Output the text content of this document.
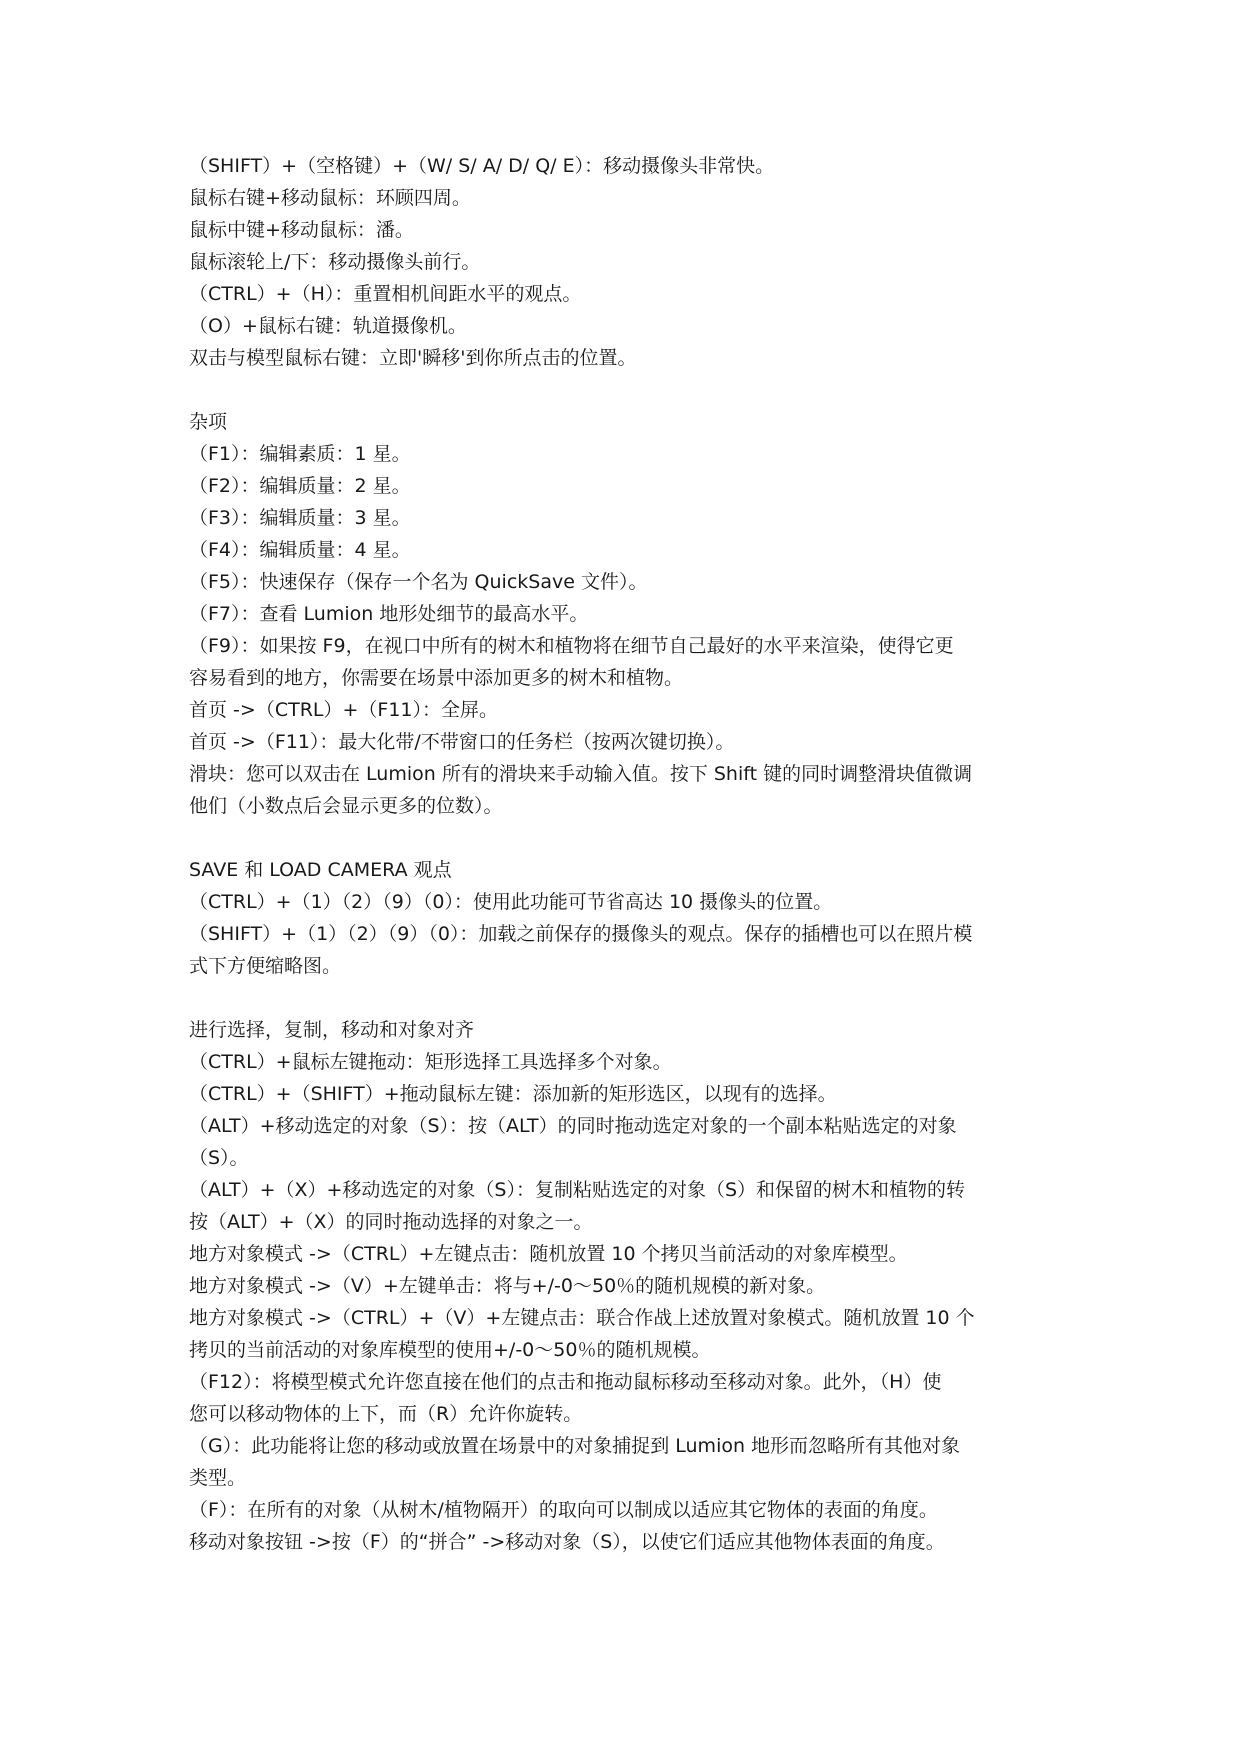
（SHIFT）+（空格键）+（W/ S/ A/ D/ Q/ E）：移动摄像头非常快。
鼠标右键+移动鼠标：环顾四周。
鼠标中键+移动鼠标：潘。
鼠标滚轮上/下：移动摄像头前行。
（CTRL）+（H）：重置相机间距水平的观点。
（O）+鼠标右键：轨道摄像机。
双击与模型鼠标右键：立即'瞬移'到你所点击的位置。
杂项
（F1）：编辑素质：1 星。
（F2）：编辑质量：2 星。
（F3）：编辑质量：3 星。
（F4）：编辑质量：4 星。
（F5）：快速保存（保存一个名为 QuickSave 文件）。
（F7）：查看 Lumion 地形处细节的最高水平。
（F9）：如果按 F9，在视口中所有的树木和植物将在细节自己最好的水平来渲染，使得它更
容易看到的地方，你需要在场景中添加更多的树木和植物。
首页 ->（CTRL）+（F11）：全屏。
首页 ->（F11）：最大化带/不带窗口的任务栏（按两次键切换）。
滑块：您可以双击在 Lumion 所有的滑块来手动输入值。按下 Shift 键的同时调整滑块值微调
他们（小数点后会显示更多的位数）。
SAVE 和 LOAD CAMERA 观点
（CTRL）+（1）（2）（9）（0）：使用此功能可节省高达 10 摄像头的位置。
（SHIFT）+（1）（2）（9）（0）：加载之前保存的摄像头的观点。保存的插槽也可以在照片模
式下方便缩略图。
进行选择，复制，移动和对象对齐
（CTRL）+鼠标左键拖动：矩形选择工具选择多个对象。
（CTRL）+（SHIFT）+拖动鼠标左键：添加新的矩形选区，以现有的选择。
（ALT）+移动选定的对象（S）：按（ALT）的同时拖动选定对象的一个副本粘贴选定的对象
（S）。
（ALT）+（X）+移动选定的对象（S）：复制粘贴选定的对象（S）和保留的树木和植物的转
按（ALT）+（X）的同时拖动选择的对象之一。
地方对象模式 ->（CTRL）+左键点击：随机放置 10 个拷贝当前活动的对象库模型。
地方对象模式 ->（V）+左键单击：将与+/-0～50％的随机规模的新对象。
地方对象模式 ->（CTRL）+（V）+左键点击：联合作战上述放置对象模式。随机放置 10 个
拷贝的当前活动的对象库模型的使用+/-0～50％的随机规模。
（F12）：将模型模式允许您直接在他们的点击和拖动鼠标移动至移动对象。此外，（H）使
您可以移动物体的上下，而（R）允许你旋转。
（G）：此功能将让您的移动或放置在场景中的对象捕捉到 Lumion 地形而忽略所有其他对象
类型。
（F）：在所有的对象（从树木/植物隔开）的取向可以制成以适应其它物体的表面的角度。
移动对象按钮 ->按（F）的“拼合” ->移动对象（S），以使它们适应其他物体表面的角度。
